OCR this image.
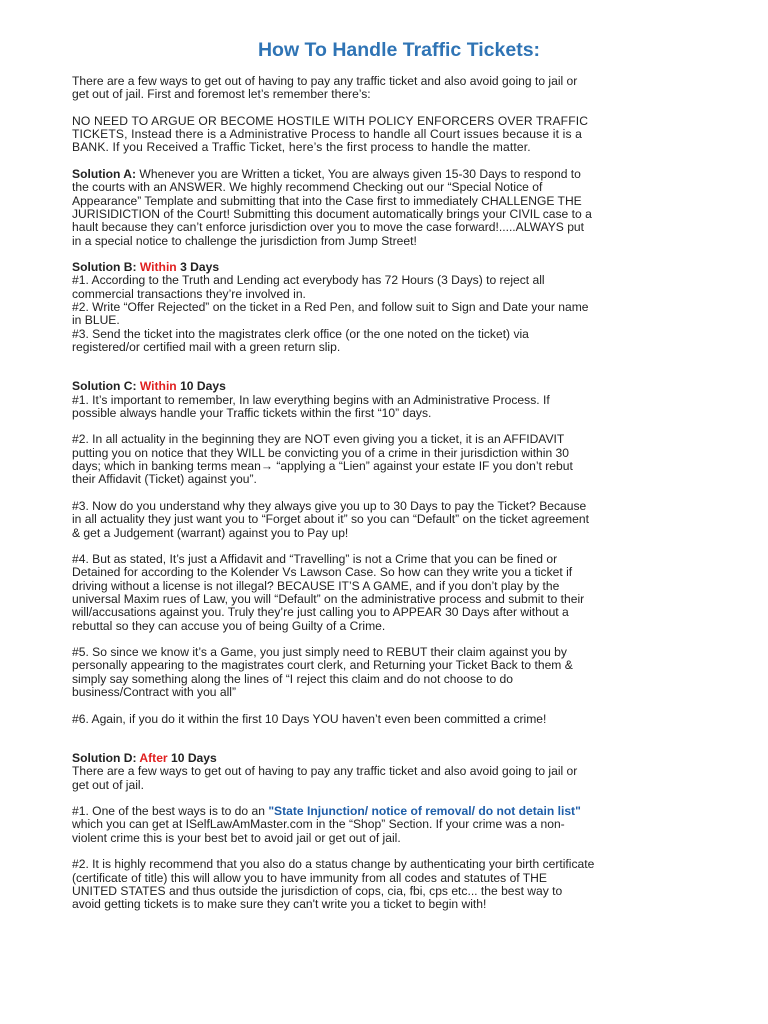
How To Handle Traffic Tickets:

There are a few ways to get out of having to pay any traffic ticket and also avoid going to jail or
get out of jail. First and foremost let’s remember there’s:

NO NEED TO ARGUE OR BECOME HOSTILE WITH POLICY ENFORCERS OVER TRAFFIC
TICKETS, Instead there is a Administrative Process to handle all Court issues because it is a
BANK. If you Received a Traffic Ticket, here’s the first process to handle the matter.

Solution A: Whenever you are Written a ticket, You are always given 15-30 Days to respond to

the courts with an ANSWER. We highly recommend Checking out our “Special Notice of
Appearance” Template and submitting that into the Case first to immediately CHALLENGE THE
JURISIDICTION of the Court! Submitting this document automatically brings your CIVIL case to a
hault because they can’t enforce jurisdiction over you to move the case forward!.....ALWAYS put
in a special notice to challenge the jurisdiction from Jump Street!

Solution B: Within 3 Days

#1. According to the Truth and Lending act everybody has 72 Hours (3 Days) to reject all
commercial transactions they’re involved in.

#2. Write “Offer Rejected” on the ticket in a Red Pen, and follow suit to Sign and Date your name
in BLUE.

#3. Send the ticket into the magistrates clerk office (or the one noted on the ticket) via
registered/or certified mail with a green return slip.

Solution C: Within 10 Days

#1. It’s important to remember, In law everything begins with an Administrative Process. If
possible always handle your Traffic tickets within the first “10” days.

#2. In all actuality in the beginning they are NOT even giving you a ticket, it is an AFFIDAVIT
putting you on notice that they WILL be convicting you of a crime in their jurisdiction within 30
days; which in banking terms mean→ “applying a “Lien” against your estate IF you don’t rebut
their Affidavit (Ticket) against you”.

#3. Now do you understand why they always give you up to 30 Days to pay the Ticket? Because
in all actuality they just want you to “Forget about it” so you can “Default” on the ticket agreement
& get a Judgement (warrant) against you to Pay up!

#4. But as stated, It’s just a Affidavit and “Travelling” is not a Crime that you can be fined or
Detained for according to the Kolender Vs Lawson Case. So how can they write you a ticket if
driving without a license is not illegal? BECAUSE IT’S A GAME, and if you don’t play by the
universal Maxim rues of Law, you will “Default” on the administrative process and submit to their
will/accusations against you. Truly they’re just calling you to APPEAR 30 Days after without a
rebuttal so they can accuse you of being Guilty of a Crime.

#5. So since we know it’s a Game, you just simply need to REBUT their claim against you by
personally appearing to the magistrates court clerk, and Returning your Ticket Back to them &
simply say something along the lines of “I reject this claim and do not choose to do
business/Contract with you all”

#6. Again, if you do it within the first 10 Days YOU haven’t even been committed a crime!

Solution D: After 10 Days

There are a few ways to get out of having to pay any traffic ticket and also avoid going to jail or
get out of jail.

#1. One of the best ways is to do an "State Injunction/ notice of removal/ do not detain list"

which you can get at ISelfLawAmMaster.com in the “Shop” Section. If your crime was a non-
violent crime this is your best bet to avoid jail or get out of jail.

#2. It is highly recommend that you also do a status change by authenticating your birth certificate
(certificate of title) this will allow you to have immunity from all codes and statutes of THE
UNITED STATES and thus outside the jurisdiction of cops, cia, fbi, cps etc... the best way to
avoid getting tickets is to make sure they can't write you a ticket to begin with!
